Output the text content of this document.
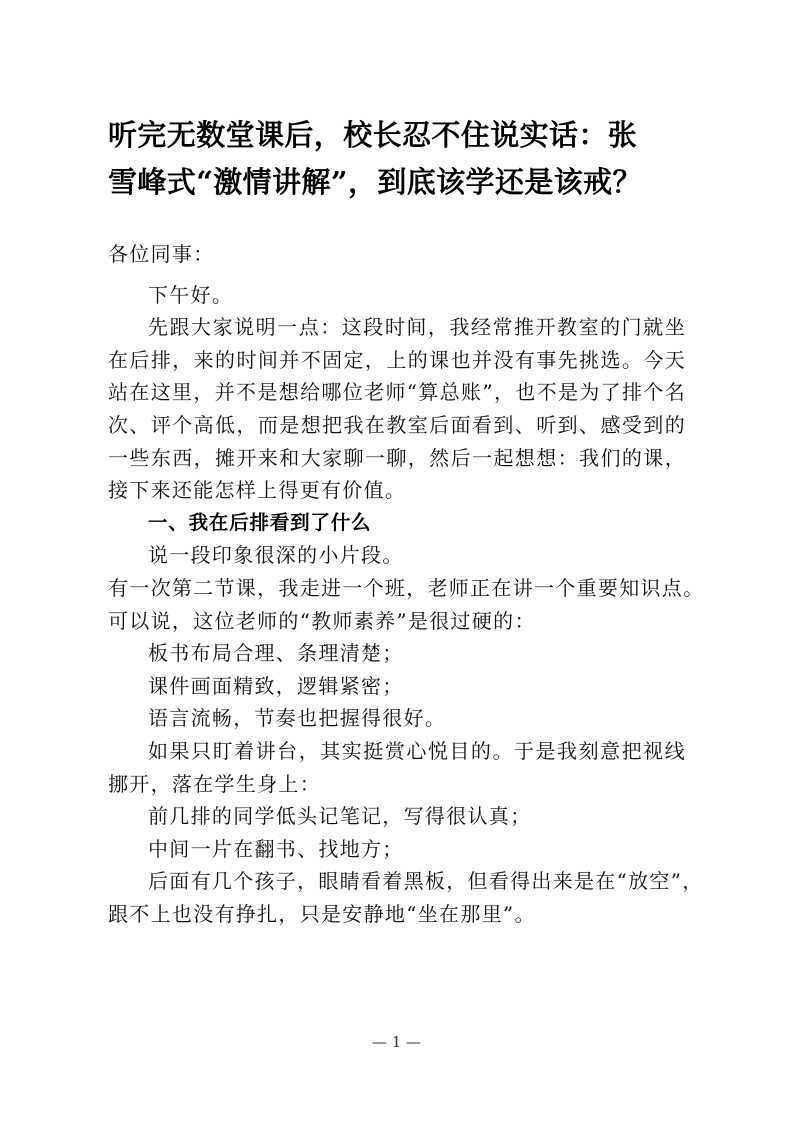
听完无数堂课后，校长忍不住说实话：张
雪峰式“激情讲解”，到底该学还是该戒？
各位同事：
下午好。
先跟大家说明一点：这段时间，我经常推开教室的门就坐
在后排，来的时间并不固定，上的课也并没有事先挑选。今天
站在这里，并不是想给哪位老师“算总账”，也不是为了排个名
次、评个高低，而是想把我在教室后面看到、听到、感受到的
一些东西，摊开来和大家聊一聊，然后一起想想：我们的课，
接下来还能怎样上得更有价值。
一、我在后排看到了什么
说一段印象很深的小片段。
有一次第二节课，我走进一个班，老师正在讲一个重要知识点。
可以说，这位老师的“教师素养”是很过硬的：
板书布局合理、条理清楚；
课件画面精致，逻辑紧密；
语言流畅，节奏也把握得很好。
如果只盯着讲台，其实挺赏心悦目的。于是我刻意把视线
挪开，落在学生身上：
前几排的同学低头记笔记，写得很认真；
中间一片在翻书、找地方；
后面有几个孩子，眼睛看着黑板，但看得出来是在“放空”，
跟不上也没有挣扎，只是安静地“坐在那里”。
— 1 —
